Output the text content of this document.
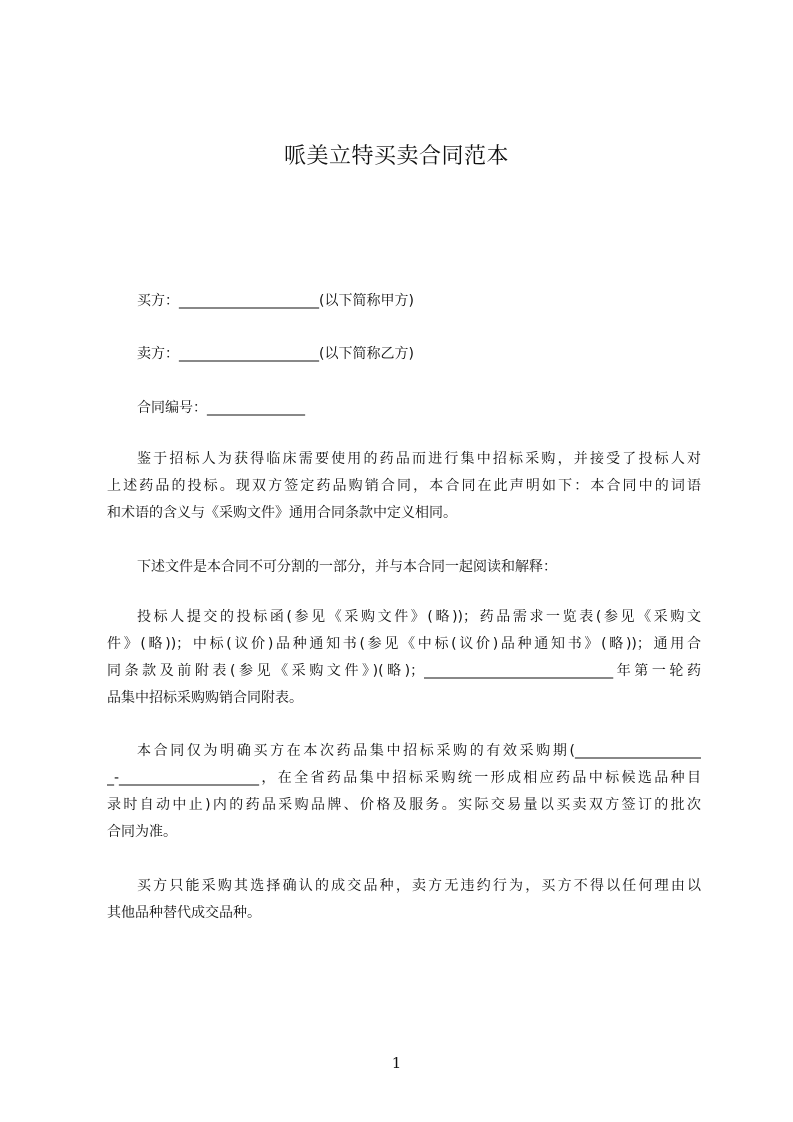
哌美立特买卖合同范本
买方：____________________(以下简称甲方)
卖方：____________________(以下简称乙方)
合同编号：______________
鉴于招标人为获得临床需要使用的药品而进行集中招标采购，并接受了投标人对
上述药品的投标。现双方签定药品购销合同，本合同在此声明如下：本合同中的词语
和术语的含义与《采购文件》通用合同条款中定义相同。
下述文件是本合同不可分割的一部分，并与本合同一起阅读和解释：
投标人提交的投标函(参见《采购文件》(略))；药品需求一览表(参见《采购文
件》(略))；中标(议价)品种通知书(参见《中标(议价)品种通知书》(略))；通用合
同条款及前附表(参见《采购文件》)(略)；___________________________年第一轮药
品集中招标采购购销合同附表。
本合同仅为明确买方在本次药品集中招标采购的有效采购期(__________________
_-____________________，在全省药品集中招标采购统一形成相应药品中标候选品种目
录时自动中止)内的药品采购品牌、价格及服务。实际交易量以买卖双方签订的批次
合同为准。
买方只能采购其选择确认的成交品种，卖方无违约行为，买方不得以任何理由以
其他品种替代成交品种。
1
